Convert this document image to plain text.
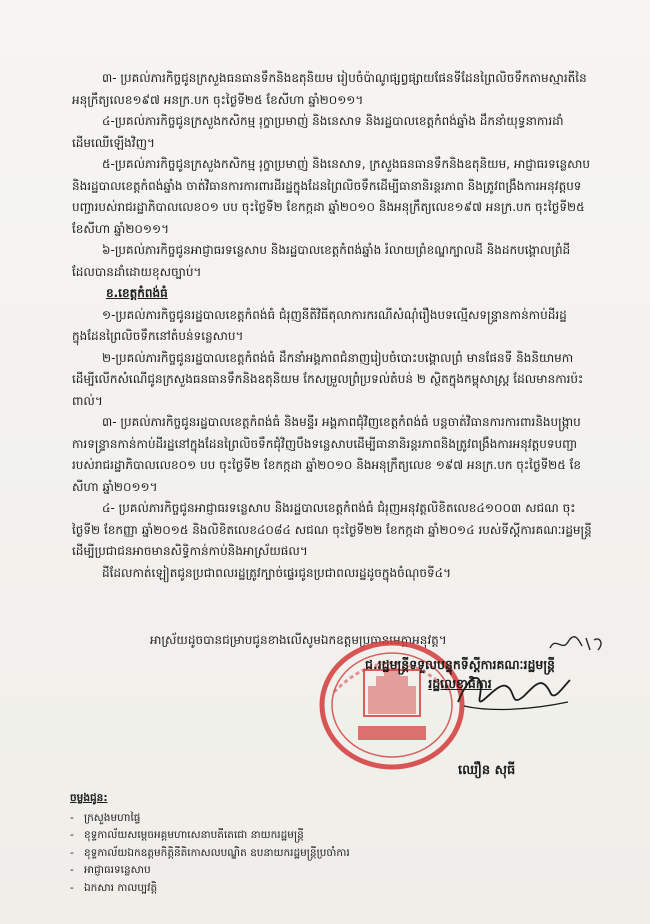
៣- ប្រគល់ភារកិច្ចជូនក្រសួងធនធានទឹកនិងឧតុនិយម រៀបចំប៉ាណូផ្សព្វផ្សាយផែនទីដែនព្រៃលិចទឹកតាមស្មារតីនៃអនុក្រឹត្យលេខ១៩៧ អនក្រ.បក ចុះថ្ងៃទី២៥ ខែសីហា ឆ្នាំ២០១១។

៤-ប្រគល់ភារកិច្ចជូនក្រសួងកសិកម្ម រុក្ខាប្រមាញ់ និងនេសាទ និងរដ្ឋបាលខេត្តកំពង់ឆ្នាំង ដឹកនាំយុទ្ធនាការដាំដើមឈើឡើងវិញ។

៥-ប្រគល់ភារកិច្ចជូនក្រសួងកសិកម្ម រុក្ខាប្រមាញ់ និងនេសាទ, ក្រសួងធនធានទឹកនិងឧតុនិយម, អាជ្ញាធរទន្លេសាប និងរដ្ឋបាលខេត្តកំពង់ឆ្នាំង ចាត់វិធានការការពារដីរដ្ឋក្នុងដែនព្រៃលិចទឹកដើម្បីធានានិរន្តរភាព និងត្រូវពង្រឹងការអនុវត្តបទបញ្ជារបស់រាជរដ្ឋាភិបាលលេខ០១ បប ចុះថ្ងៃទី២ ខែកក្កដា ឆ្នាំ២០១០ និងអនុក្រឹត្យលេខ១៩៧ អនក្រ.បក ចុះថ្ងៃទី២៥ ខែសីហា ឆ្នាំ២០១១។

៦-ប្រគល់ភារកិច្ចជូនអាជ្ញាធរទន្លេសាប និងរដ្ឋបាលខេត្តកំពង់ឆ្នាំង រំលាយព្រំខណ្ឌក្បាលដី និងដកបង្គោលព្រំដីដែលបានដាំដោយខុសច្បាប់។

ខ.ខេត្តកំពង់ធំ

១-ប្រគល់ភារកិច្ចជូនរដ្ឋបាលខេត្តកំពង់ធំ ជំរុញនីតិវិធីតុលាការករណីសំណុំរឿងបទល្មើសទន្ទ្រានកាន់កាប់ដីរដ្ឋក្នុងដែនព្រៃលិចទឹកនៅតំបន់ទន្លេសាប។

២-ប្រគល់ភារកិច្ចជូនរដ្ឋបាលខេត្តកំពង់ធំ ដឹកនាំអង្គភាពជំនាញរៀបចំបោះបង្គោលព្រំ មានផែនទី និងនិយាមកា ដើម្បីលើកសំណើជូនក្រសួងធនធានទឹកនិងឧតុនិយម កែសម្រួលព្រំប្រទល់តំបន់ ២ ស្ថិតក្នុងកម្ពុសាស្ត្រ ដែលមានការប៉ះពាល់។

៣- ប្រគល់ភារកិច្ចជូនរដ្ឋបាលខេត្តកំពង់ធំ និងមន្ទីរ អង្គភាពជុំវិញខេត្តកំពង់ធំ បន្តចាត់វិធានការការពារនិងបង្ក្រាបការទន្ទ្រានកាន់កាប់ដីរដ្ឋនៅក្នុងដែនព្រៃលិចទឹកជុំវិញបឹងទន្លេសាបដើម្បីធានានិរន្តរភាពនិងត្រូវពង្រឹងការអនុវត្តបទបញ្ជារបស់រាជរដ្ឋាភិបាលលេខ០១ បប ចុះថ្ងៃទី២ ខែកក្កដា ឆ្នាំ២០១០ និងអនុក្រឹត្យលេខ ១៩៧ អនក្រ.បក ចុះថ្ងៃទី២៥ ខែសីហា ឆ្នាំ២០១១។

៤- ប្រគល់ភារកិច្ចជូនអាជ្ញាធរទន្លេសាប និងរដ្ឋបាលខេត្តកំពង់ធំ ជំរុញអនុវត្តលិខិតលេខ៤១០០៣ សជណ ចុះថ្ងៃទី២ ខែកញ្ញា ឆ្នាំ២០១៥ និងលិខិតលេខ៤០៨៤ សជណ ចុះថ្ងៃទី២២ ខែកក្កដា ឆ្នាំ២០១៤ របស់ទីស្តីការគណៈរដ្ឋមន្ត្រី ដើម្បីប្រជាជនអាចមានសិទ្ធិកាន់កាប់និងអាស្រ័យផល។

ដីដែលកាត់ឡៀតជូនប្រជាពលរដ្ឋត្រូវក្បាច់ផ្ទេរជូនប្រជាពលរដ្ឋដូចក្នុងចំណុចទី៤។

អាស្រ័យដូចបានជម្រាបជូនខាងលើសូមឯកឧត្តមប្រធានមេត្តាអនុវត្ត។
ជ.រដ្ឋមន្ត្រីទទួលបន្ទុកទីស្តីការគណៈរដ្ឋមន្ត្រី
រដ្ឋលេខាធិការ
ឈឿន សុធី
ចម្លងជូន:
- ក្រសួងមហាផ្ទៃ
- ខុទ្ទកាល័យសម្តេចអគ្គមហាសេនាបតីតេជោ នាយករដ្ឋមន្ត្រី
- ខុទ្ទកាល័យឯកឧត្តមកិត្តិនីតិកោសលបណ្ឌិត ឧបនាយករដ្ឋមន្ត្រីប្រចាំការ
- អាជ្ញាធរទន្លេសាប
- ឯកសារ កាលប្បវត្តិ
